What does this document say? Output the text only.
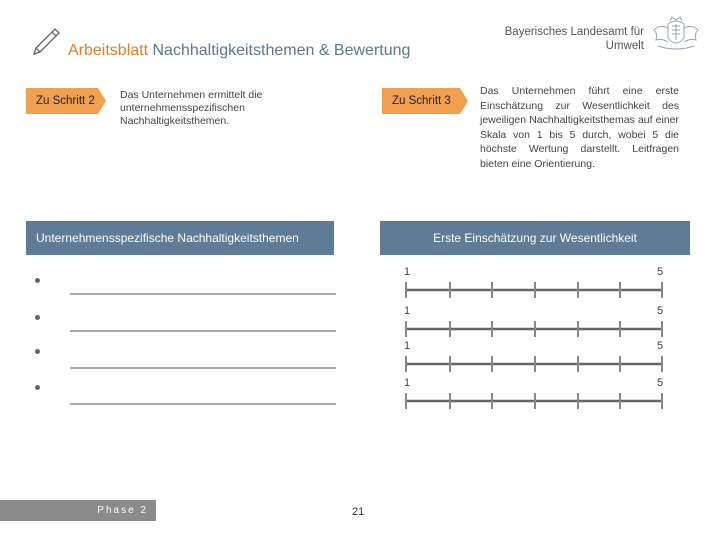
Arbeitsblatt Nachhaltigkeitsthemen & Bewertung
Bayerisches Landesamt für
Umwelt
Zu Schritt 2 Das Unternehmen ermittelt die unternehmensspezifischen Nachhaltigkeitsthemen.
Zu Schritt 3
Das Unternehmen führt eine erste Einschätzung zur Wesentlichkeit des jeweiligen Nachhaltigkeitsthemas auf einer Skala von 1 bis 5 durch, wobei 5 die höchste Wertung darstellt. Leitfragen bieten eine Orientierung.
Unternehmensspezifische Nachhaltigkeitsthemen	Erste Einschätzung zur Wesentlichkeit
1	5
1	5
1	5
1	5
Phase 2	21
